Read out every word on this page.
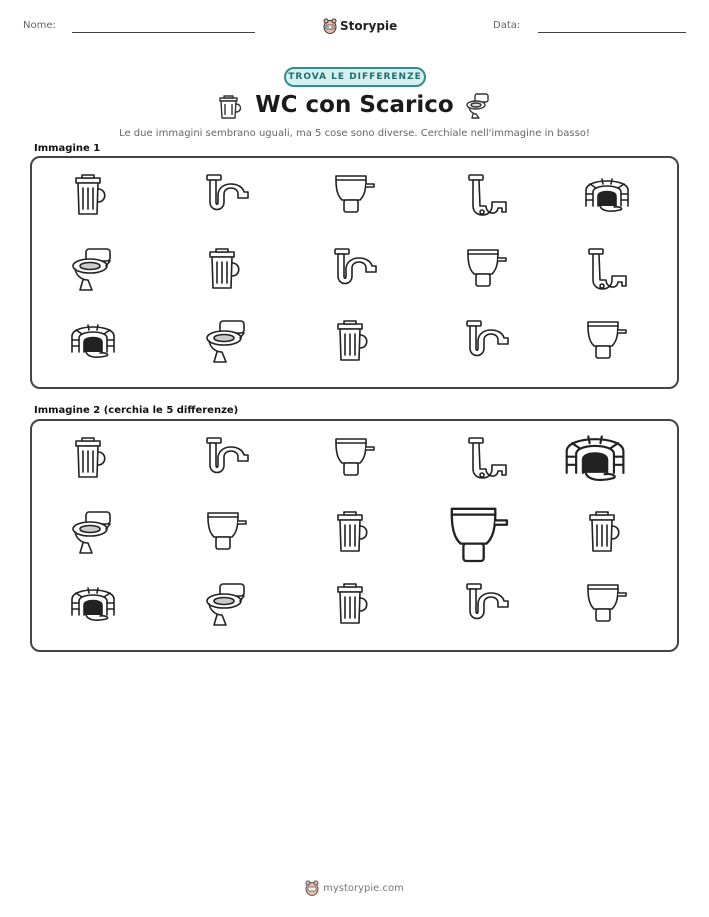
Nome:	Storypie	Data:
TROVA LE DIFFERENZE
WC con Scarico
Le due immagini sembrano uguali, ma 5 cose sono diverse. Cerchiale nell'immagine in basso!
Immagine 1
Immagine 2 (cerchia le 5 differenze)
mystorypie.com
